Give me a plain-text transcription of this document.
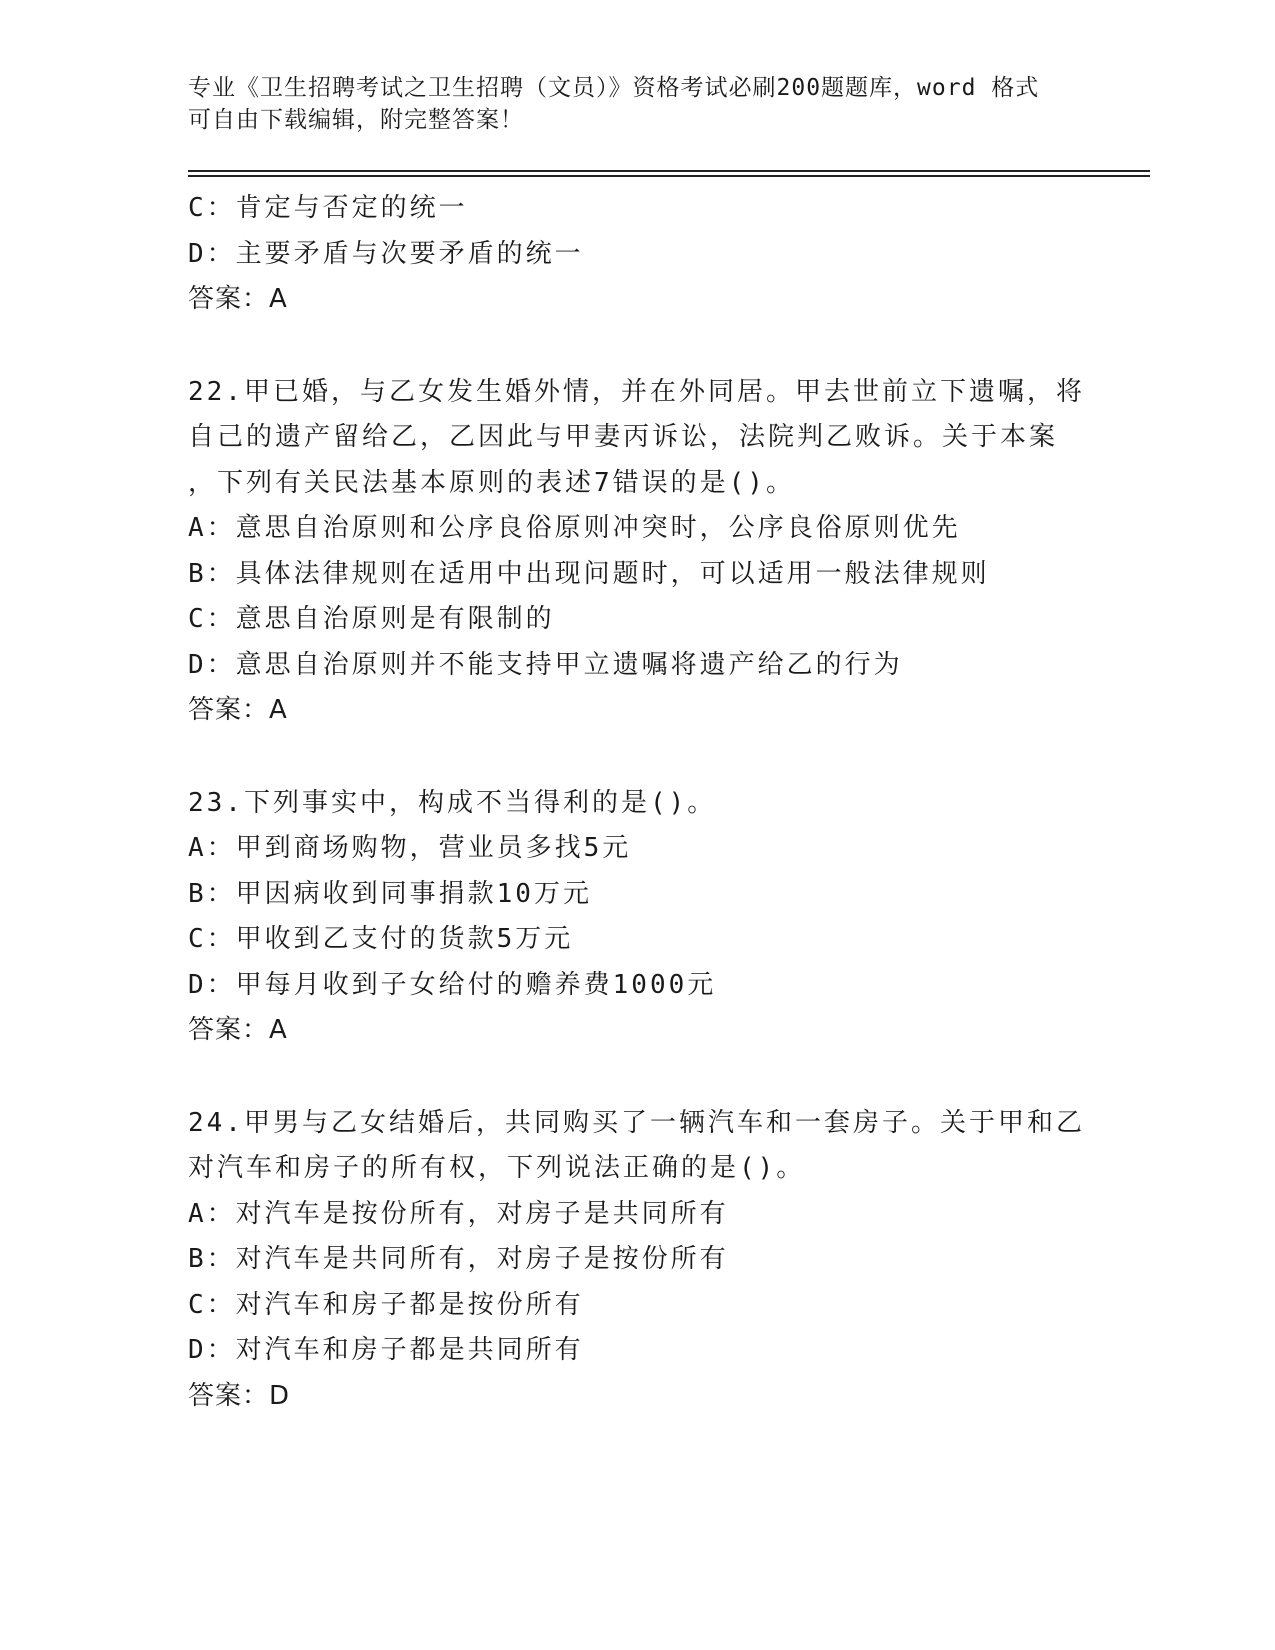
专业《卫生招聘考试之卫生招聘（文员）》资格考试必刷200题题库，word 格式
可自由下载编辑，附完整答案！
C：肯定与否定的统一
D：主要矛盾与次要矛盾的统一
答案：A
22.甲已婚，与乙女发生婚外情，并在外同居。甲去世前立下遗嘱，将
自己的遗产留给乙，乙因此与甲妻丙诉讼，法院判乙败诉。关于本案
，下列有关民法基本原则的表述7错误的是()。
A：意思自治原则和公序良俗原则冲突时，公序良俗原则优先
B：具体法律规则在适用中出现问题时，可以适用一般法律规则
C：意思自治原则是有限制的
D：意思自治原则并不能支持甲立遗嘱将遗产给乙的行为
答案：A
23.下列事实中，构成不当得利的是()。
A：甲到商场购物，营业员多找5元
B：甲因病收到同事捐款10万元
C：甲收到乙支付的货款5万元
D：甲每月收到子女给付的赡养费1000元
答案：A
24.甲男与乙女结婚后，共同购买了一辆汽车和一套房子。关于甲和乙
对汽车和房子的所有权，下列说法正确的是()。
A：对汽车是按份所有，对房子是共同所有
B：对汽车是共同所有，对房子是按份所有
C：对汽车和房子都是按份所有
D：对汽车和房子都是共同所有
答案：D
